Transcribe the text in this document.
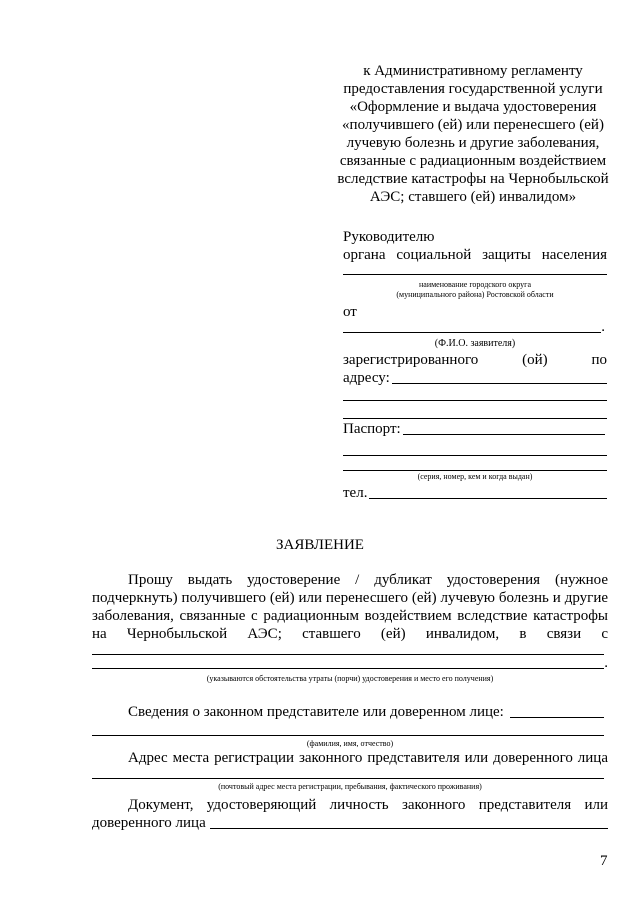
к Административному регламенту
предоставления государственной услуги
«Оформление и выдача удостоверения
«получившего (ей) или перенесшего (ей)
лучевую болезнь и другие заболевания,
связанные с радиационным воздействием
вследствие катастрофы на Чернобыльской
АЭС; ставшего (ей) инвалидом»
Руководителю
органа социальной защиты населения
наименование городского округа
(муниципального района) Ростовской области
от
.
(Ф.И.О. заявителя)
зарегистрированного (ой) по
адресу:
Паспорт:
(серия, номер, кем и когда выдан)
тел.
ЗАЯВЛЕНИЕ
Прошу выдать удостоверение / дубликат удостоверения (нужное
подчеркнуть) получившего (ей) или перенесшего (ей) лучевую болезнь и другие
заболевания, связанные с радиационным воздействием вследствие катастрофы
на Чернобыльской АЭС; ставшего (ей) инвалидом, в связи с
.
(указываются обстоятельства утраты (порчи) удостоверения и место его получения)
Сведения о законном представителе или доверенном лице:
(фамилия, имя, отчество)
Адрес места регистрации законного представителя или доверенного лица
(почтовый адрес места регистрации, пребывания, фактического проживания)
Документ, удостоверяющий личность законного представителя или
доверенного лица
7
